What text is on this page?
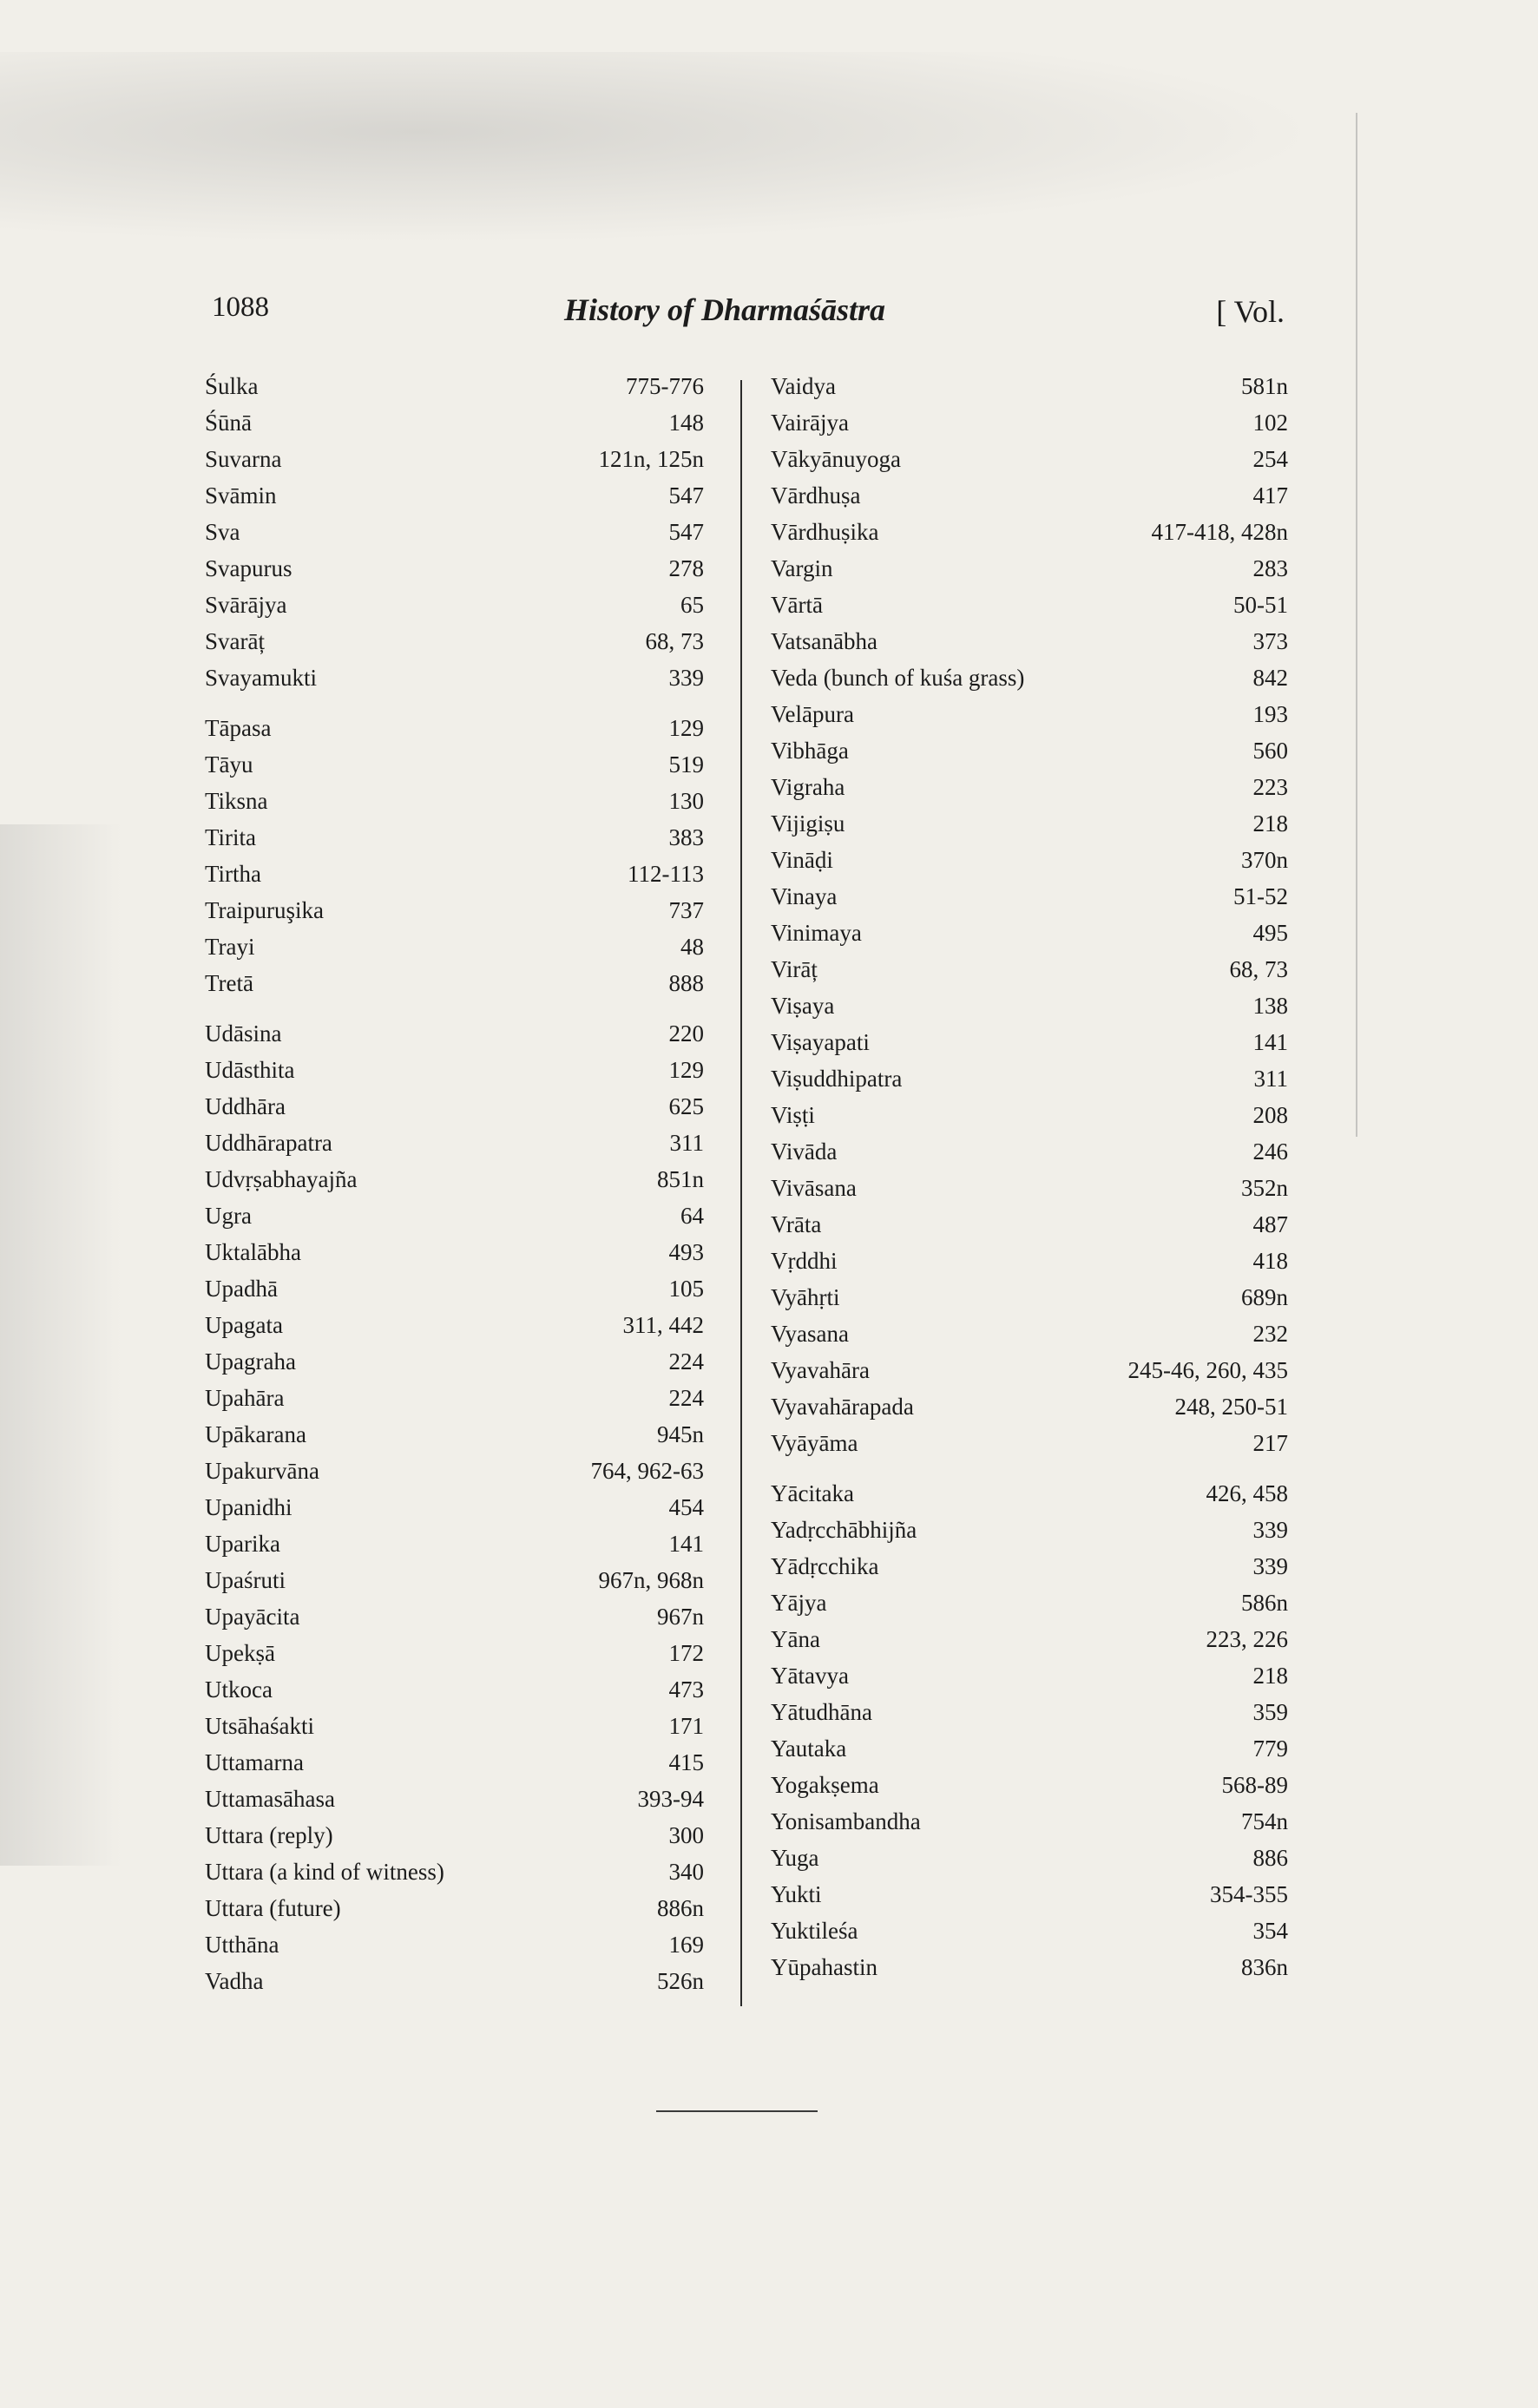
1088	History of Dharmaśāstra	[ Vol.
Śulka	775-776
Śūnā	148
Suvarna	121n, 125n
Svāmin	547
Sva	547
Svapurus	278
Svārājya	65
Svarāț	68, 73
Svayamukti	339
Tāpasa	129
Tāyu	519
Tiksna	130
Tirita	383
Tirtha	112-113
Traipuruşika	737
Trayi	48
Tretā	888
Udāsina	220
Udāsthita	129
Uddhāra	625
Uddhārapatra	311
Udvṛṣabhayajña	851n
Ugra	64
Uktalābha	493
Upadhā	105
Upagata	311, 442
Upagraha	224
Upahāra	224
Upākarana	945n
Upakurvāna	764, 962-63
Upanidhi	454
Uparika	141
Upaśruti	967n, 968n
Upayācita	967n
Upekṣā	172
Utkoca	473
Utsāhaśakti	171
Uttamarna	415
Uttamasāhasa	393-94
Uttara (reply)	300
Uttara (a kind of witness)	340
Uttara (future)	886n
Utthāna	169
Vadha	526n
Vaidya	581n
Vairājya	102
Vākyānuyoga	254
Vārdhuṣa	417
Vārdhuṣika	417-418, 428n
Vargin	283
Vārtā	50-51
Vatsanābha	373
Veda (bunch of kuśa grass)	842
Velāpura	193
Vibhāga	560
Vigraha	223
Vijigiṣu	218
Vināḍi	370n
Vinaya	51-52
Vinimaya	495
Virāț	68, 73
Viṣaya	138
Viṣayapati	141
Viṣuddhipatra	311
Viṣṭi	208
Vivāda	246
Vivāsana	352n
Vrāta	487
Vṛddhi	418
Vyāhṛti	689n
Vyasana	232
Vyavahāra	245-46, 260, 435
Vyavahārapada	248, 250-51
Vyāyāma	217
Yācitaka	426, 458
Yadṛcchābhijña	339
Yādṛcchika	339
Yājya	586n
Yāna	223, 226
Yātavya	218
Yātudhāna	359
Yautaka	779
Yogakṣema	568-89
Yonisambandha	754n
Yuga	886
Yukti	354-355
Yuktileśa	354
Yūpahastin	836n
